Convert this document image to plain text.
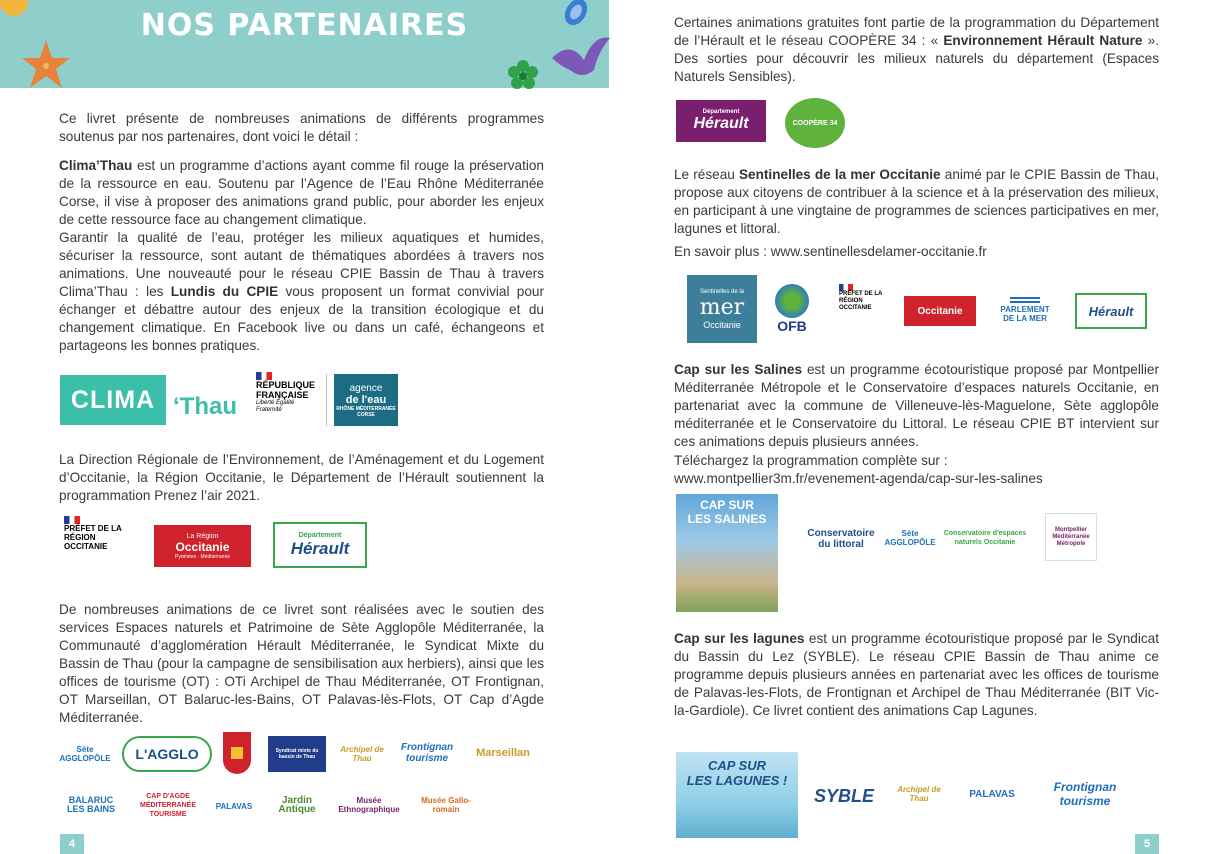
NOS PARTENAIRES

Ce livret présente de nombreuses animations de différents programmes soutenus par nos partenaires, dont voici le détail :

Clima’Thau est un programme d’actions ayant comme fil rouge la préservation de la ressource en eau. Soutenu par l’Agence de l’Eau Rhône Méditerranée Corse, il vise à proposer des animations grand public, pour aborder les enjeux de cette ressource face au changement climatique.
Garantir la qualité de l’eau, protéger les milieux aquatiques et humides, sécuriser la ressource, sont autant de thématiques abordées à travers nos animations. Une nouveauté pour le réseau CPIE Bassin de Thau à travers Clima’Thau : les Lundis du CPIE vous proposent un format convivial pour échanger et débattre autour des enjeux de la transition écologique et du changement climatique. En Facebook live ou dans un café, échangeons et partageons les bonnes pratiques.

CLIMA ‘Thau
RÉPUBLIQUE
FRANÇAISE
Liberté Égalité Fraternité
agence
de l'eau
RHÔNE MÉDITERRANÉE CORSE

La Direction Régionale de l’Environnement, de l’Aménagement et du Logement d’Occitanie, la Région Occitanie, le Département de l’Hérault soutiennent la programmation Prenez l’air 2021.

PRÉFET DE LA RÉGION OCCITANIE
La Région
Occitanie
Pyrénées · Méditerranée
Département
Hérault

De nombreuses animations de ce livret sont réalisées avec le soutien des services Espaces naturels et Patrimoine de Sète Agglopôle Méditerranée, la Communauté d’agglomération Hérault Méditerranée, le Syndicat Mixte du Bassin de Thau (pour la campagne de sensibilisation aux herbiers), ainsi que les offices de tourisme (OT) : OTi Archipel de Thau Méditerranée, OT Frontignan, OT Marseillan, OT Balaruc-les-Bains, OT Palavas-lès-Flots, OT Cap d’Agde Méditerranée.

Sète AGGLOPÔLE	L'AGGLO	Syndicat mixte du bassin de Thau
Archipel de Thau
Frontignan tourisme	Marseillan
BALARUC LES BAINS
CAP D'AGDE MÉDITERRANÉE TOURISME
PALAVAS	Jardin Antique
Musée Ethnographique
Musée Gallo-romain
4

Certaines animations gratuites font partie de la programmation du Département de l’Hérault et le réseau COOPÈRE 34 : « Environnement Hérault Nature ». Des sorties pour découvrir les milieux naturels du département (Espaces Naturels Sensibles).

Département
Hérault	COOPÈRE 34

Le réseau Sentinelles de la mer Occitanie animé par le CPIE Bassin de Thau, propose aux citoyens de contribuer à la science et à la préservation des milieux, en participant à une vingtaine de programmes de sciences participatives en mer, lagunes et littoral.

En savoir plus : www.sentinellesdelamer-occitanie.fr

Sentinelles de la
mer
Occitanie	OFB
PRÉFET DE LA RÉGION OCCITANIE	Occitanie	PARLEMENT
DE LA MER	Hérault

Cap sur les Salines est un programme écotouristique proposé par Montpellier Méditerranée Métropole et le Conservatoire d’espaces naturels Occitanie, en partenariat avec la commune de Villeneuve-lès-Maguelone, Sète agglopôle méditerranée et le Conservatoire du Littoral. Le réseau CPIE BT intervient sur ces animations depuis plusieurs années.

Téléchargez la programmation complète sur :

www.montpellier3m.fr/evenement-agenda/cap-sur-les-salines

CAP SUR
LES SALINES
Conservatoire du littoral
Sète AGGLOPÔLE
Conservatoire d'espaces naturels Occitanie
Montpellier Méditerranée Métropole

Cap sur les lagunes est un programme écotouristique proposé par le Syndicat du Bassin du Lez (SYBLE). Le réseau CPIE Bassin de Thau anime ce programme depuis plusieurs années en partenariat avec les offices de tourisme de Palavas-les-Flots, de Frontignan et Archipel de Thau Méditerranée (BIT Vic-la-Gardiole). Ce livret contient des animations Cap Lagunes.

CAP SUR
LES LAGUNES !
SYBLE	Archipel de Thau	PALAVAS	Frontignan tourisme
5
